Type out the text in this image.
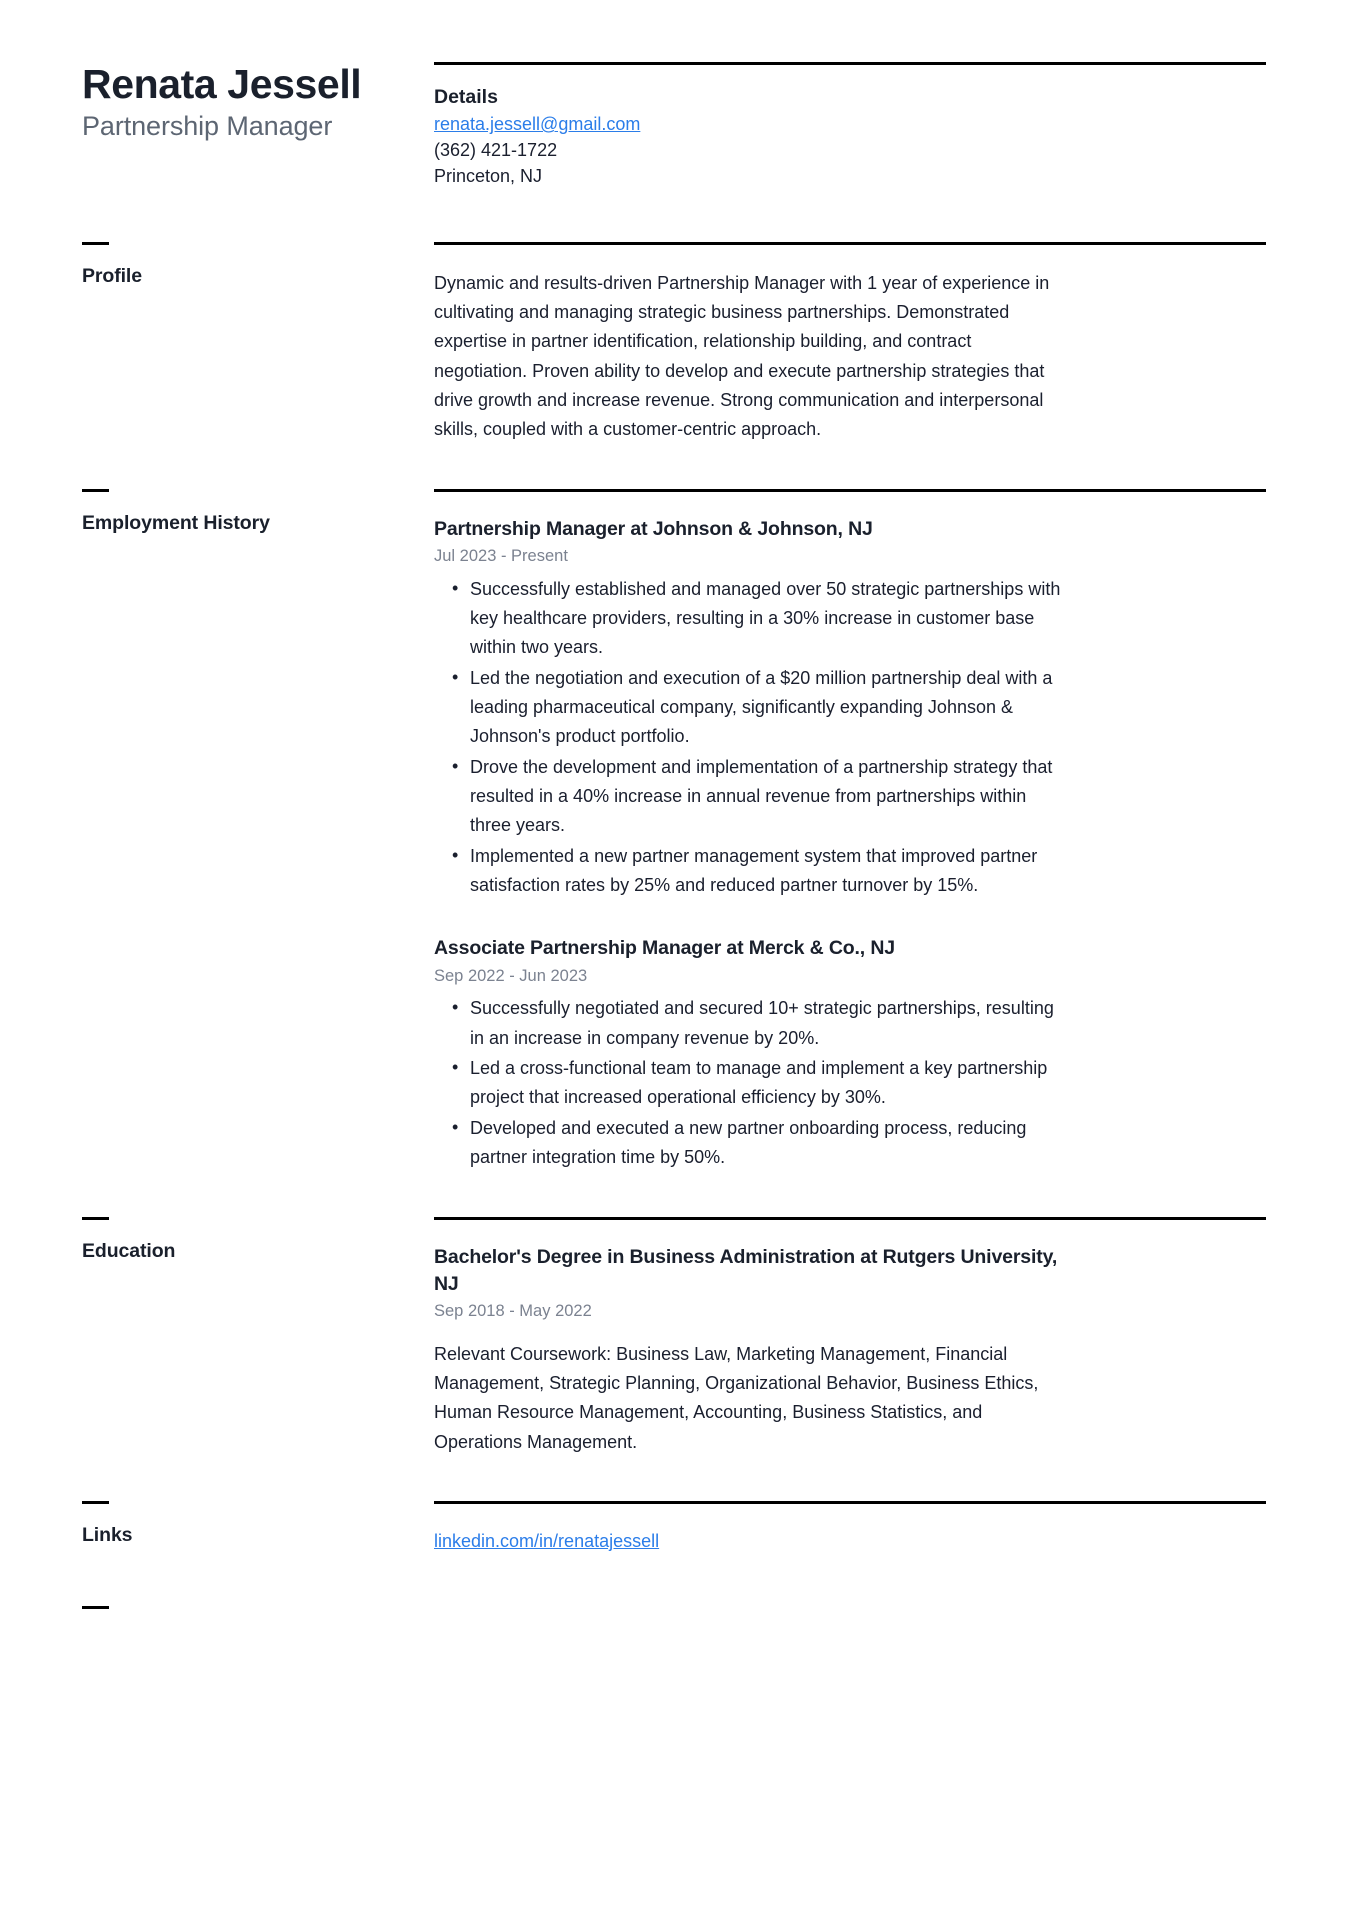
Renata Jessell
Partnership Manager
Details
renata.jessell@gmail.com
(362) 421-1722
Princeton, NJ
Profile	Dynamic and results-driven Partnership Manager with 1 year of experience in cultivating and managing strategic business partnerships. Demonstrated expertise in partner identification, relationship building, and contract negotiation. Proven ability to develop and execute partnership strategies that drive growth and increase revenue. Strong communication and interpersonal skills, coupled with a customer-centric approach.

Employment History	Partnership Manager at Johnson & Johnson, NJ
Jul 2023 - Present
• Successfully established and managed over 50 strategic partnerships with key healthcare providers, resulting in a 30% increase in customer base within two years.
• Led the negotiation and execution of a $20 million partnership deal with a leading pharmaceutical company, significantly expanding Johnson & Johnson's product portfolio.
• Drove the development and implementation of a partnership strategy that resulted in a 40% increase in annual revenue from partnerships within three years.
• Implemented a new partner management system that improved partner satisfaction rates by 25% and reduced partner turnover by 15%.
Associate Partnership Manager at Merck & Co., NJ
Sep 2022 - Jun 2023
• Successfully negotiated and secured 10+ strategic partnerships, resulting in an increase in company revenue by 20%.
• Led a cross-functional team to manage and implement a key partnership project that increased operational efficiency by 30%.
• Developed and executed a new partner onboarding process, reducing partner integration time by 50%.
Education	Bachelor's Degree in Business Administration at Rutgers University, NJ
Sep 2018 - May 2022

Relevant Coursework: Business Law, Marketing Management, Financial Management, Strategic Planning, Organizational Behavior, Business Ethics, Human Resource Management, Accounting, Business Statistics, and Operations Management.

Links	linkedin.com/in/renatajessell
